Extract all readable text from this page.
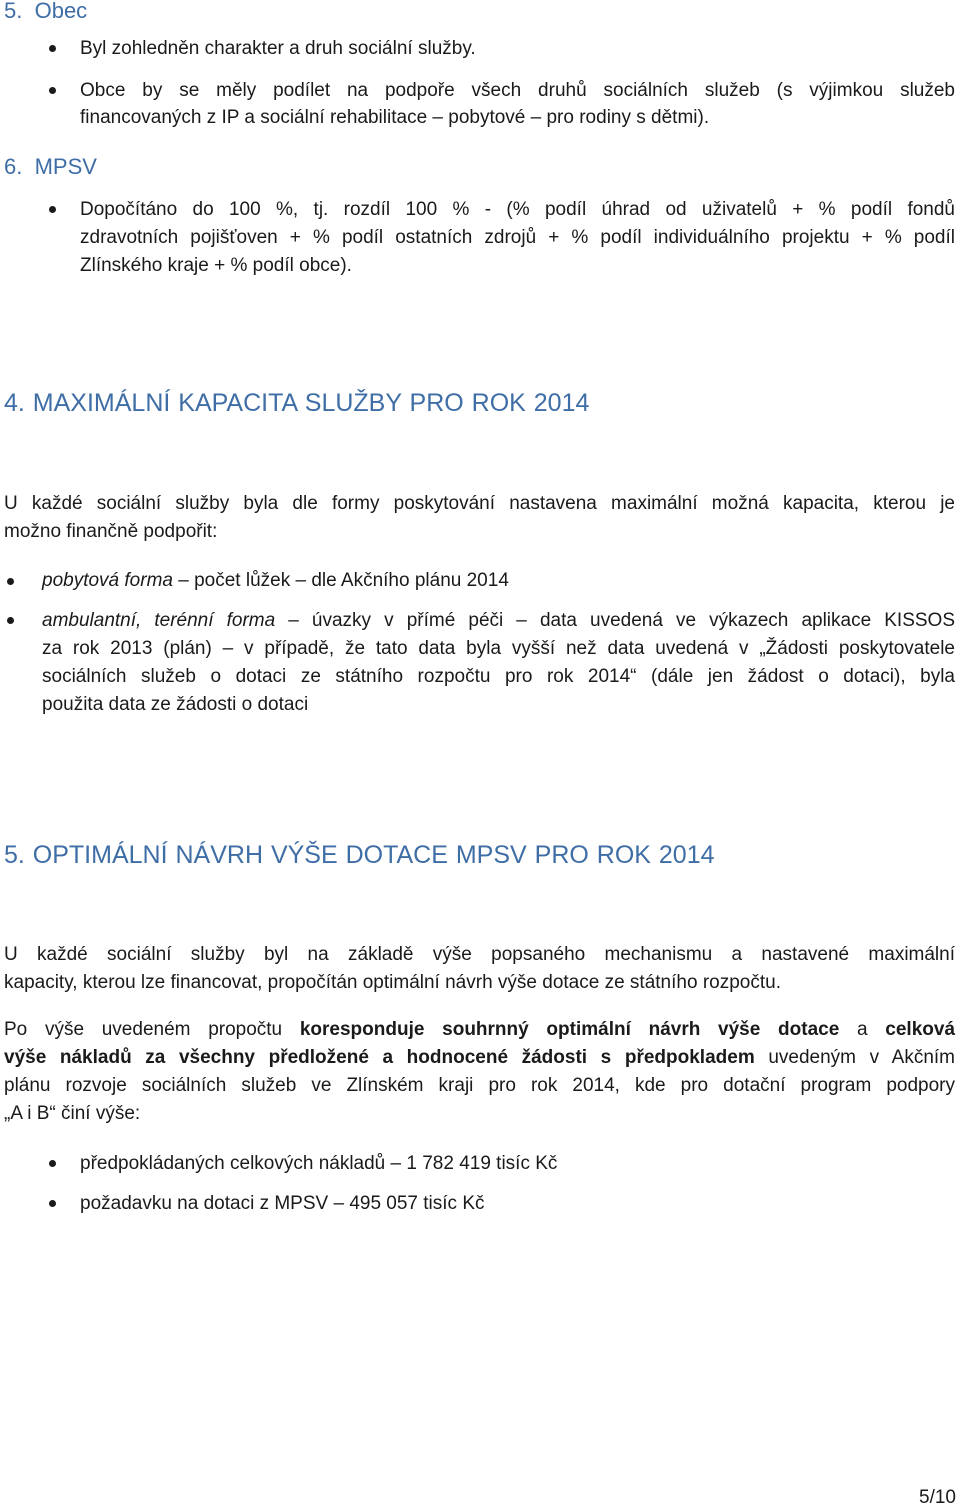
5. Obec
Byl zohledněn charakter a druh sociální služby.
Obce by se měly podílet na podpoře všech druhů sociálních služeb (s výjimkou služeb
financovaných z IP a sociální rehabilitace – pobytové – pro rodiny s dětmi).
6. MPSV
Dopočítáno do 100 %, tj. rozdíl 100 % - (% podíl úhrad od uživatelů + % podíl fondů
zdravotních pojišťoven + % podíl ostatních zdrojů + % podíl individuálního projektu + % podíl
Zlínského kraje + % podíl obce).
4. MAXIMÁLNÍ KAPACITA SLUŽBY PRO ROK 2014
U každé sociální služby byla dle formy poskytování nastavena maximální možná kapacita, kterou je
možno finančně podpořit:
pobytová forma – počet lůžek – dle Akčního plánu 2014
ambulantní, terénní forma – úvazky v přímé péči – data uvedená ve výkazech aplikace KISSOS
za rok 2013 (plán) – v případě, že tato data byla vyšší než data uvedená v „Žádosti poskytovatele
sociálních služeb o dotaci ze státního rozpočtu pro rok 2014“ (dále jen žádost o dotaci), byla
použita data ze žádosti o dotaci
5. OPTIMÁLNÍ NÁVRH VÝŠE DOTACE MPSV PRO ROK 2014
U každé sociální služby byl na základě výše popsaného mechanismu a nastavené maximální
kapacity, kterou lze financovat, propočítán optimální návrh výše dotace ze státního rozpočtu.
Po výše uvedeném propočtu koresponduje souhrnný optimální návrh výše dotace a celková
výše nákladů za všechny předložené a hodnocené žádosti s předpokladem uvedeným v Akčním
plánu rozvoje sociálních služeb ve Zlínském kraji pro rok 2014, kde pro dotační program podpory
„A i B“ činí výše:
předpokládaných celkových nákladů – 1 782 419 tisíc Kč
požadavku na dotaci z MPSV – 495 057 tisíc Kč
5/10
